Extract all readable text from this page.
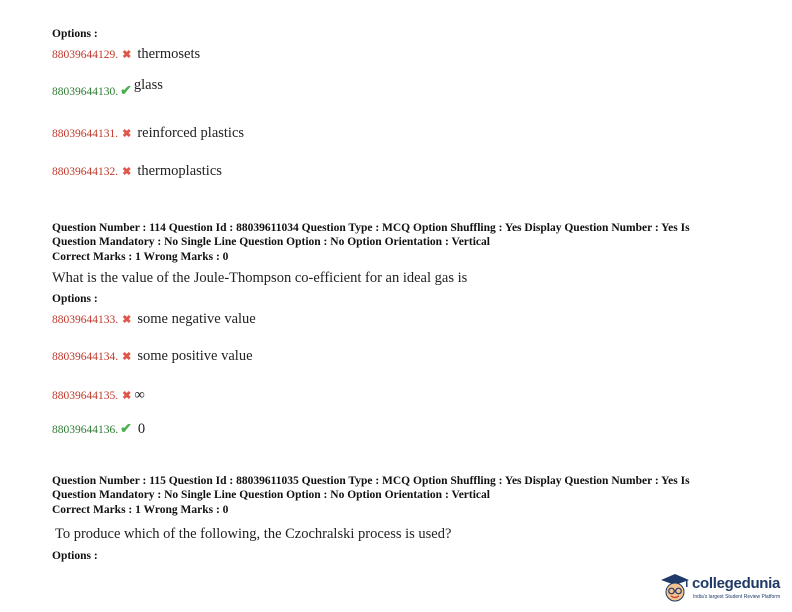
Options :
88039644129. ✖ thermosets
88039644130. ✔ glass
88039644131. ✖ reinforced plastics
88039644132. ✖ thermoplastics
Question Number : 114 Question Id : 88039611034 Question Type : MCQ Option Shuffling : Yes Display Question Number : Yes Is
Question Mandatory : No Single Line Question Option : No Option Orientation : Vertical
Correct Marks : 1 Wrong Marks : 0
What is the value of the Joule-Thompson co-efficient for an ideal gas is
Options :
88039644133. ✖ some negative value
88039644134. ✖ some positive value
88039644135. ✖ ∞
88039644136. ✔ 0
Question Number : 115 Question Id : 88039611035 Question Type : MCQ Option Shuffling : Yes Display Question Number : Yes Is
Question Mandatory : No Single Line Question Option : No Option Orientation : Vertical
Correct Marks : 1 Wrong Marks : 0
To produce which of the following, the Czochralski process is used?
Options :
collegedunia
India's largest Student Review Platform
